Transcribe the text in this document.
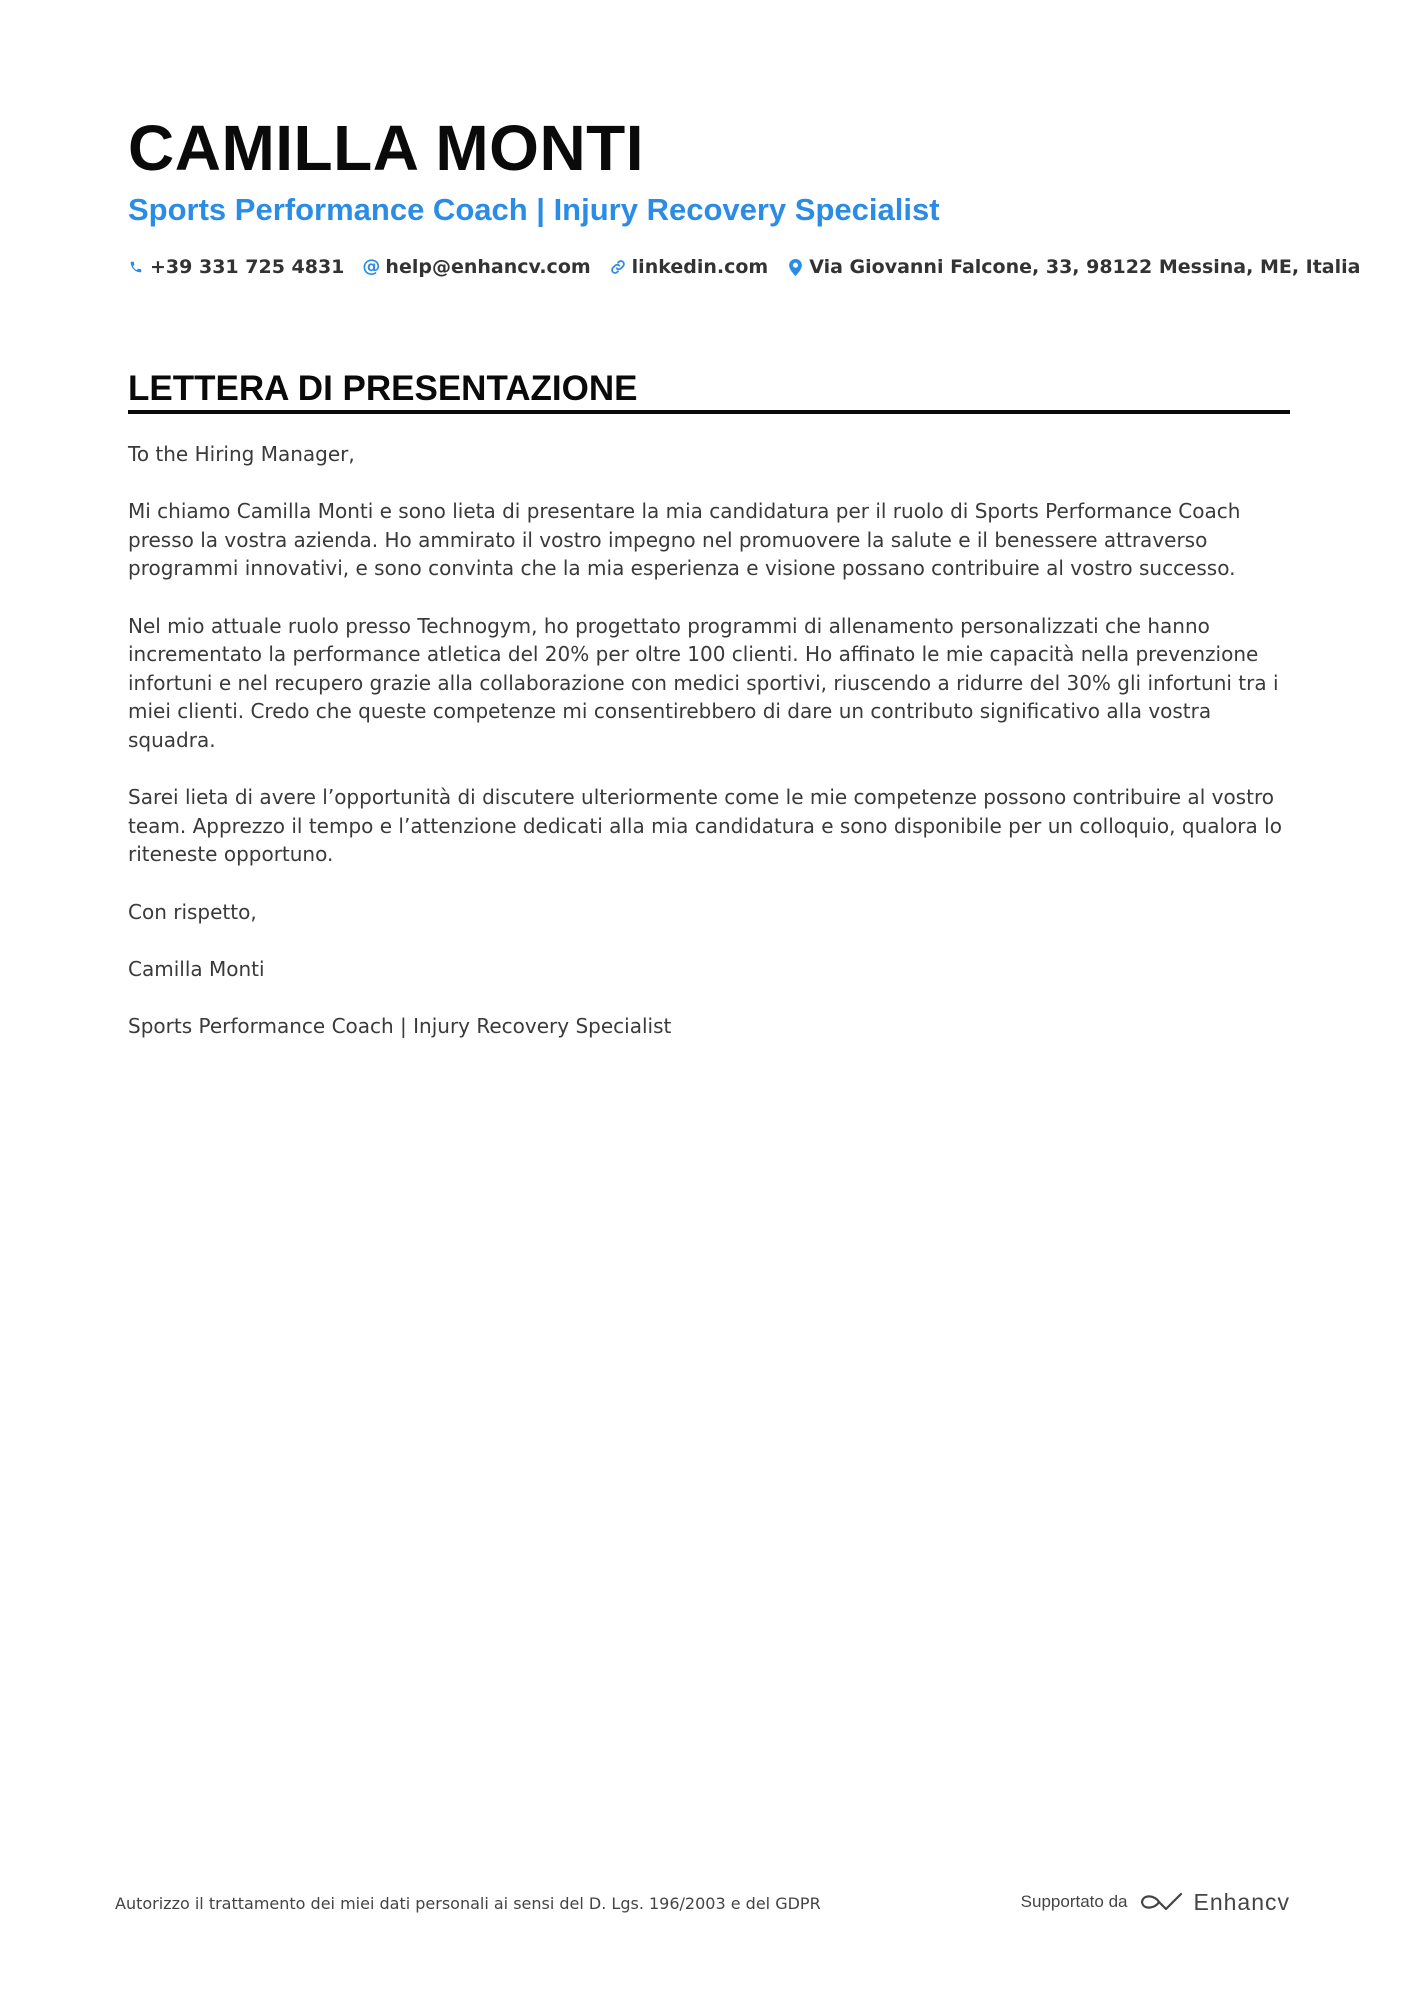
CAMILLA MONTI
Sports Performance Coach | Injury Recovery Specialist
+39 331 725 4831 @ help@enhancv.com linkedin.com Via Giovanni Falcone, 33, 98122 Messina, ME, Italia
LETTERA DI PRESENTAZIONE

To the Hiring Manager,

Mi chiamo Camilla Monti e sono lieta di presentare la mia candidatura per il ruolo di Sports Performance Coach presso la vostra azienda. Ho ammirato il vostro impegno nel promuovere la salute e il benessere attraverso programmi innovativi, e sono convinta che la mia esperienza e visione possano contribuire al vostro successo.

Nel mio attuale ruolo presso Technogym, ho progettato programmi di allenamento personalizzati che hanno incrementato la performance atletica del 20% per oltre 100 clienti. Ho affinato le mie capacità nella prevenzione infortuni e nel recupero grazie alla collaborazione con medici sportivi, riuscendo a ridurre del 30% gli infortuni tra i miei clienti. Credo che queste competenze mi consentirebbero di dare un contributo significativo alla vostra squadra.

Sarei lieta di avere l’opportunità di discutere ulteriormente come le mie competenze possono contribuire al vostro team. Apprezzo il tempo e l’attenzione dedicati alla mia candidatura e sono disponibile per un colloquio, qualora lo riteneste opportuno.

Con rispetto,

Camilla Monti

Sports Performance Coach | Injury Recovery Specialist

Autorizzo il trattamento dei miei dati personali ai sensi del D. Lgs. 196/2003 e del GDPR	Supportato da	Enhancv
